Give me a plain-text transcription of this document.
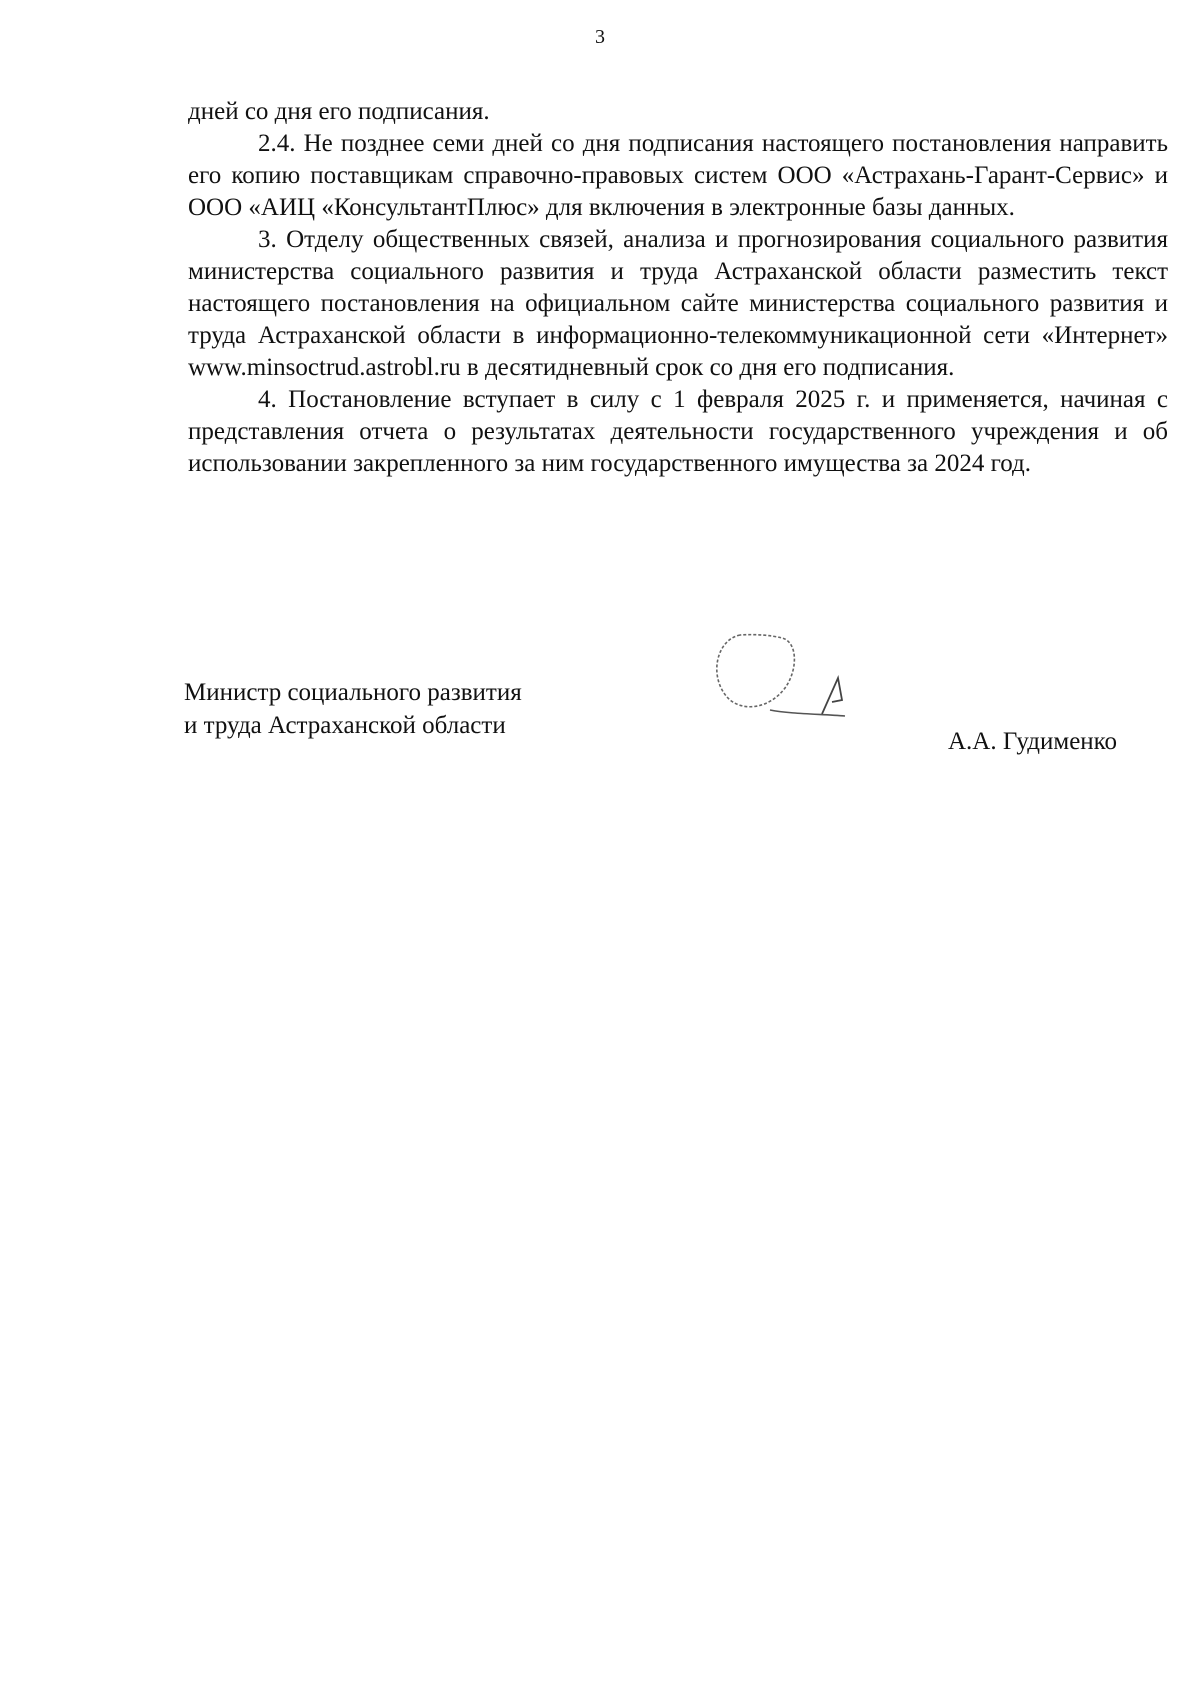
3

дней со дня его подписания.

2.4. Не позднее семи дней со дня подписания настоящего постановления направить его копию поставщикам справочно-правовых систем ООО «Астрахань-Гарант-Сервис» и ООО «АИЦ «КонсультантПлюс» для включения в электронные базы данных.

3. Отделу общественных связей, анализа и прогнозирования социального развития министерства социального развития и труда Астраханской области разместить текст настоящего постановления на официальном сайте министерства социального развития и труда Астраханской области в информационно-телекоммуникационной сети «Интернет» www.minsoctrud.astrobl.ru в десятидневный срок со дня его подписания.

4. Постановление вступает в силу с 1 февраля 2025 г. и применяется, начиная с представления отчета о результатах деятельности государственного учреждения и об использовании закрепленного за ним государственного имущества за 2024 год.

Министр социального развития
и труда Астраханской области
А.А. Гудименко
